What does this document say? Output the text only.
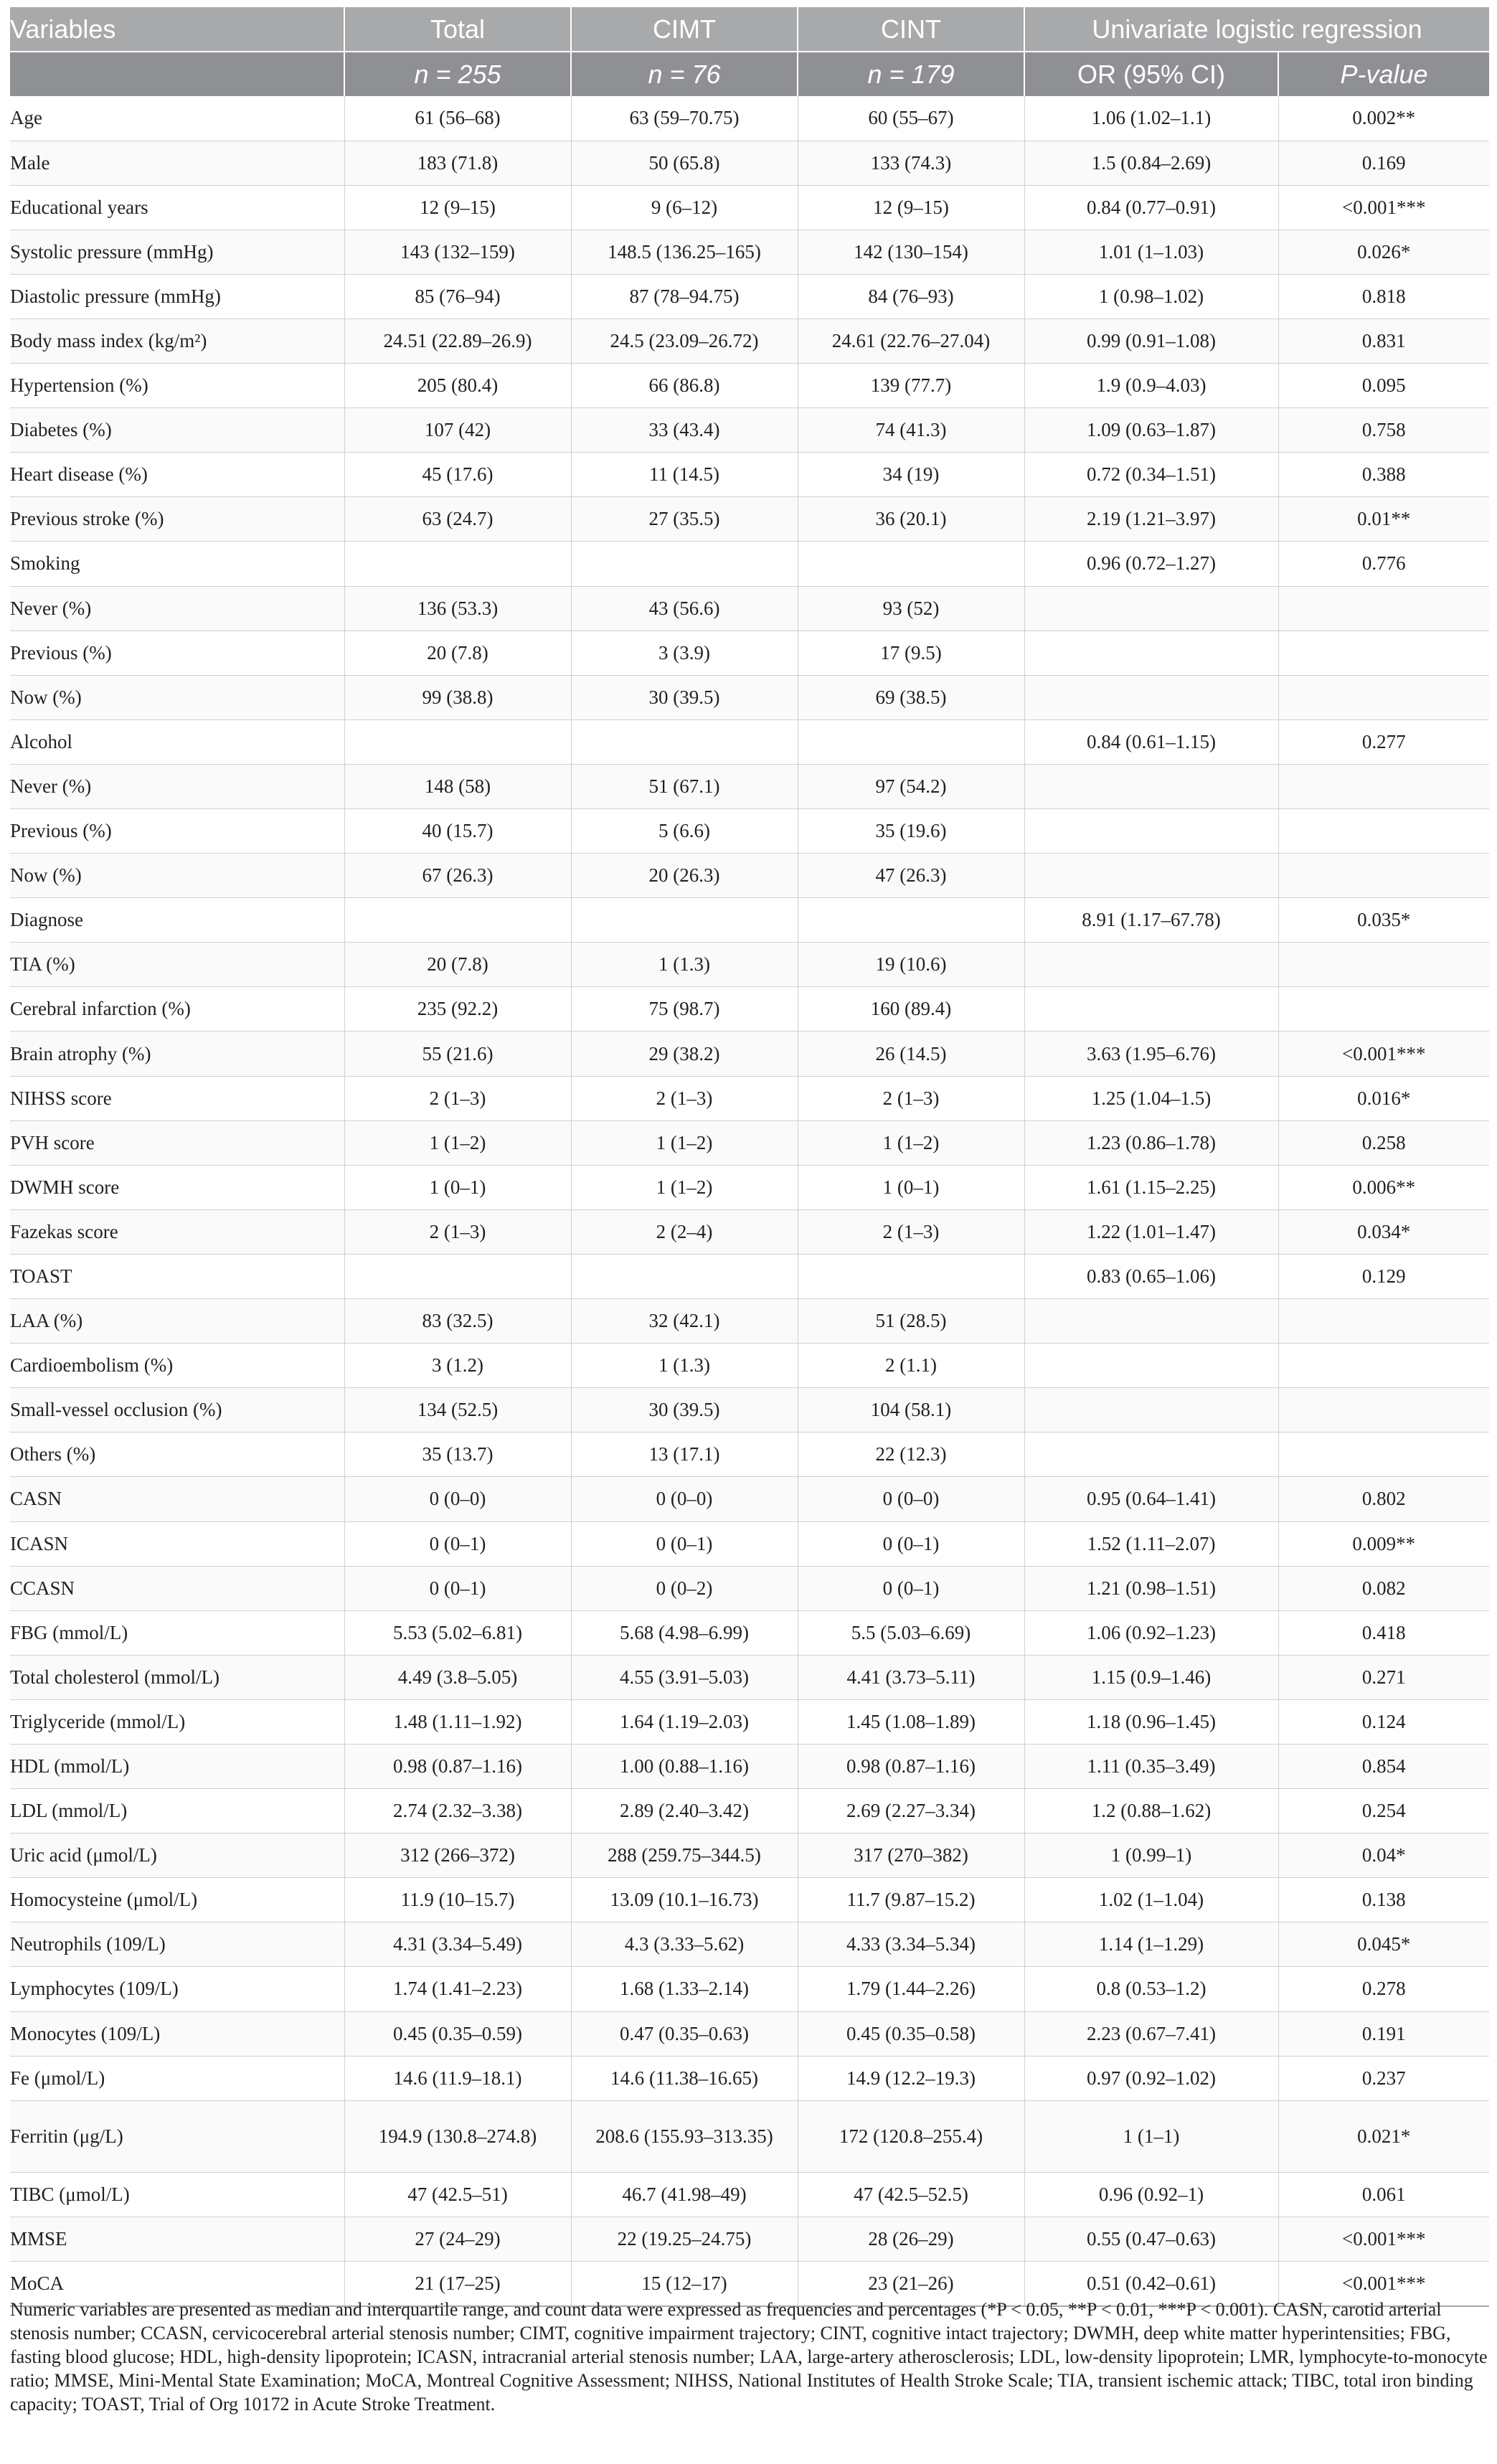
Variables	Total	CIMT	CINT	Univariate logistic regression	
	n = 255	n = 76	n = 179	OR (95% CI)	P-value
Age	61 (56–68)	63 (59–70.75)	60 (55–67)	1.06 (1.02–1.1)	0.002**
Male	183 (71.8)	50 (65.8)	133 (74.3)	1.5 (0.84–2.69)	0.169
Educational years	12 (9–15)	9 (6–12)	12 (9–15)	0.84 (0.77–0.91)	<0.001***
Systolic pressure (mmHg)	143 (132–159)	148.5 (136.25–165)	142 (130–154)	1.01 (1–1.03)	0.026*
Diastolic pressure (mmHg)	85 (76–94)	87 (78–94.75)	84 (76–93)	1 (0.98–1.02)	0.818
Body mass index (kg/m²)	24.51 (22.89–26.9)	24.5 (23.09–26.72)	24.61 (22.76–27.04)	0.99 (0.91–1.08)	0.831
Hypertension (%)	205 (80.4)	66 (86.8)	139 (77.7)	1.9 (0.9–4.03)	0.095
Diabetes (%)	107 (42)	33 (43.4)	74 (41.3)	1.09 (0.63–1.87)	0.758
Heart disease (%)	45 (17.6)	11 (14.5)	34 (19)	0.72 (0.34–1.51)	0.388
Previous stroke (%)	63 (24.7)	27 (35.5)	36 (20.1)	2.19 (1.21–3.97)	0.01**
Smoking				0.96 (0.72–1.27)	0.776
Never (%)	136 (53.3)	43 (56.6)	93 (52)		
Previous (%)	20 (7.8)	3 (3.9)	17 (9.5)		
Now (%)	99 (38.8)	30 (39.5)	69 (38.5)		
Alcohol				0.84 (0.61–1.15)	0.277
Never (%)	148 (58)	51 (67.1)	97 (54.2)		
Previous (%)	40 (15.7)	5 (6.6)	35 (19.6)		
Now (%)	67 (26.3)	20 (26.3)	47 (26.3)		
Diagnose				8.91 (1.17–67.78)	0.035*
TIA (%)	20 (7.8)	1 (1.3)	19 (10.6)		
Cerebral infarction (%)	235 (92.2)	75 (98.7)	160 (89.4)		
Brain atrophy (%)	55 (21.6)	29 (38.2)	26 (14.5)	3.63 (1.95–6.76)	<0.001***
NIHSS score	2 (1–3)	2 (1–3)	2 (1–3)	1.25 (1.04–1.5)	0.016*
PVH score	1 (1–2)	1 (1–2)	1 (1–2)	1.23 (0.86–1.78)	0.258
DWMH score	1 (0–1)	1 (1–2)	1 (0–1)	1.61 (1.15–2.25)	0.006**
Fazekas score	2 (1–3)	2 (2–4)	2 (1–3)	1.22 (1.01–1.47)	0.034*
TOAST				0.83 (0.65–1.06)	0.129
LAA (%)	83 (32.5)	32 (42.1)	51 (28.5)		
Cardioembolism (%)	3 (1.2)	1 (1.3)	2 (1.1)		
Small-vessel occlusion (%)	134 (52.5)	30 (39.5)	104 (58.1)		
Others (%)	35 (13.7)	13 (17.1)	22 (12.3)		
CASN	0 (0–0)	0 (0–0)	0 (0–0)	0.95 (0.64–1.41)	0.802
ICASN	0 (0–1)	0 (0–1)	0 (0–1)	1.52 (1.11–2.07)	0.009**
CCASN	0 (0–1)	0 (0–2)	0 (0–1)	1.21 (0.98–1.51)	0.082
FBG (mmol/L)	5.53 (5.02–6.81)	5.68 (4.98–6.99)	5.5 (5.03–6.69)	1.06 (0.92–1.23)	0.418
Total cholesterol (mmol/L)	4.49 (3.8–5.05)	4.55 (3.91–5.03)	4.41 (3.73–5.11)	1.15 (0.9–1.46)	0.271
Triglyceride (mmol/L)	1.48 (1.11–1.92)	1.64 (1.19–2.03)	1.45 (1.08–1.89)	1.18 (0.96–1.45)	0.124
HDL (mmol/L)	0.98 (0.87–1.16)	1.00 (0.88–1.16)	0.98 (0.87–1.16)	1.11 (0.35–3.49)	0.854
LDL (mmol/L)	2.74 (2.32–3.38)	2.89 (2.40–3.42)	2.69 (2.27–3.34)	1.2 (0.88–1.62)	0.254
Uric acid (μmol/L)	312 (266–372)	288 (259.75–344.5)	317 (270–382)	1 (0.99–1)	0.04*
Homocysteine (μmol/L)	11.9 (10–15.7)	13.09 (10.1–16.73)	11.7 (9.87–15.2)	1.02 (1–1.04)	0.138
Neutrophils (109/L)	4.31 (3.34–5.49)	4.3 (3.33–5.62)	4.33 (3.34–5.34)	1.14 (1–1.29)	0.045*
Lymphocytes (109/L)	1.74 (1.41–2.23)	1.68 (1.33–2.14)	1.79 (1.44–2.26)	0.8 (0.53–1.2)	0.278
Monocytes (109/L)	0.45 (0.35–0.59)	0.47 (0.35–0.63)	0.45 (0.35–0.58)	2.23 (0.67–7.41)	0.191
Fe (μmol/L)	14.6 (11.9–18.1)	14.6 (11.38–16.65)	14.9 (12.2–19.3)	0.97 (0.92–1.02)	0.237
Ferritin (μg/L)	194.9 (130.8–274.8)	208.6 (155.93–313.35)	172 (120.8–255.4)	1 (1–1)	0.021*
TIBC (μmol/L)	47 (42.5–51)	46.7 (41.98–49)	47 (42.5–52.5)	0.96 (0.92–1)	0.061
MMSE	27 (24–29)	22 (19.25–24.75)	28 (26–29)	0.55 (0.47–0.63)	<0.001***
MoCA	21 (17–25)	15 (12–17)	23 (21–26)	0.51 (0.42–0.61)	<0.001***

Numeric variables are presented as median and interquartile range, and count data were expressed as frequencies and percentages (*P < 0.05, **P < 0.01, ***P < 0.001). CASN, carotid arterial stenosis number; CCASN, cervicocerebral arterial stenosis number; CIMT, cognitive impairment trajectory; CINT, cognitive intact trajectory; DWMH, deep white matter hyperintensities; FBG, fasting blood glucose; HDL, high-density lipoprotein; ICASN, intracranial arterial stenosis number; LAA, large-artery atherosclerosis; LDL, low-density lipoprotein; LMR, lymphocyte-to-monocyte ratio; MMSE, Mini-Mental State Examination; MoCA, Montreal Cognitive Assessment; NIHSS, National Institutes of Health Stroke Scale; TIA, transient ischemic attack; TIBC, total iron binding capacity; TOAST, Trial of Org 10172 in Acute Stroke Treatment.
